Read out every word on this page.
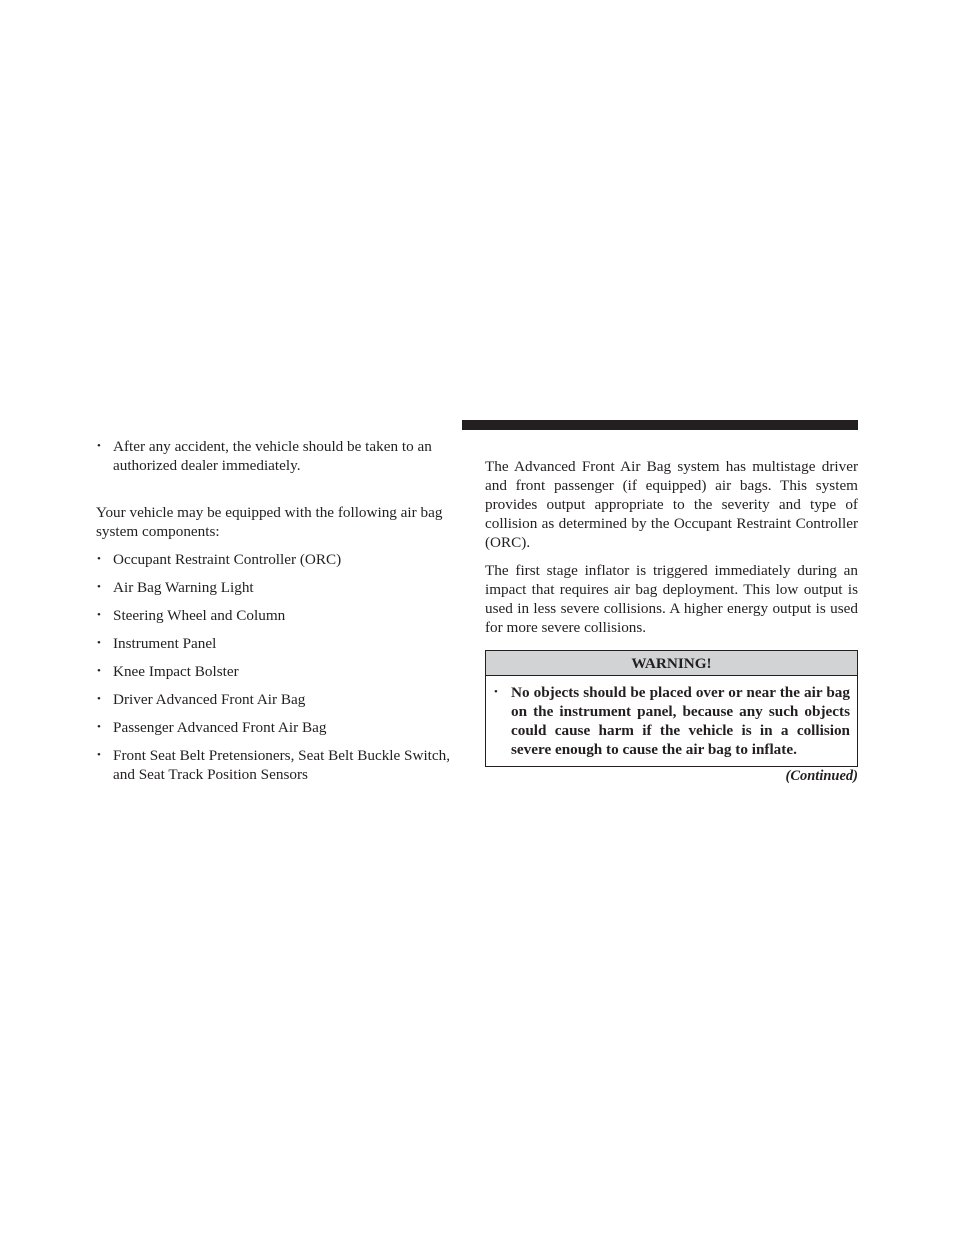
• After any accident, the vehicle should be taken to an authorized dealer immediately.

Your vehicle may be equipped with the following air bag system components:

• Occupant Restraint Controller (ORC)
• Air Bag Warning Light
• Steering Wheel and Column
• Instrument Panel
• Knee Impact Bolster
• Driver Advanced Front Air Bag
• Passenger Advanced Front Air Bag
• Front Seat Belt Pretensioners, Seat Belt Buckle Switch, and Seat Track Position Sensors

The Advanced Front Air Bag system has multistage driver and front passenger (if equipped) air bags. This system provides output appropriate to the severity and type of collision as determined by the Occupant Restraint Controller (ORC).

The first stage inflator is triggered immediately during an impact that requires air bag deployment. This low output is used in less severe collisions. A higher energy output is used for more severe collisions.

WARNING!
• No objects should be placed over or near the air bag on the instrument panel, because any such objects could cause harm if the vehicle is in a collision severe enough to cause the air bag to inflate.
(Continued)
